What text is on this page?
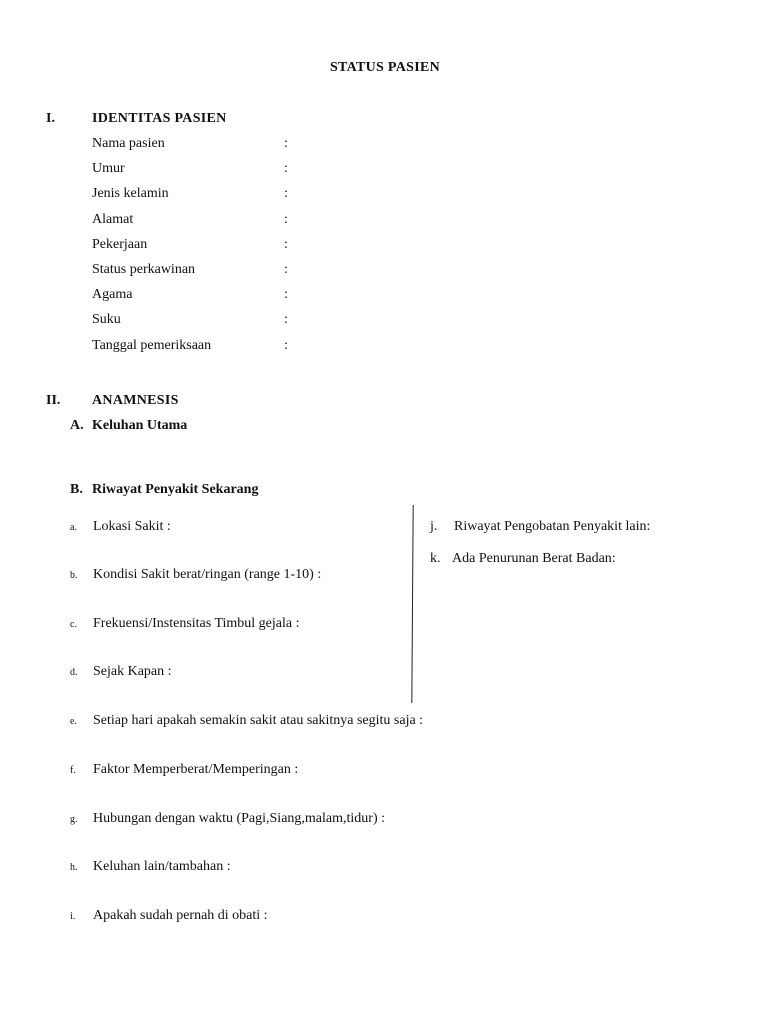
STATUS PASIEN
I.	IDENTITAS PASIEN
Nama pasien	:
Umur	:
Jenis kelamin	:
Alamat	:
Pekerjaan	:
Status perkawinan	:
Agama	:
Suku	:
Tanggal pemeriksaan	:
II. ANAMNESIS
A. Keluhan Utama
B. Riwayat Penyakit Sekarang
a. Lokasi Sakit :
b. Kondisi Sakit berat/ringan (range 1-10) :
c. Frekuensi/Instensitas Timbul gejala :
d. Sejak Kapan :
e. Setiap hari apakah semakin sakit atau sakitnya segitu saja :
f. Faktor Memperberat/Memperingan :
g. Hubungan dengan waktu (Pagi,Siang,malam,tidur) :
h. Keluhan lain/tambahan :
i. Apakah sudah pernah di obati :
j. Riwayat Pengobatan Penyakit lain:
k. Ada Penurunan Berat Badan:
